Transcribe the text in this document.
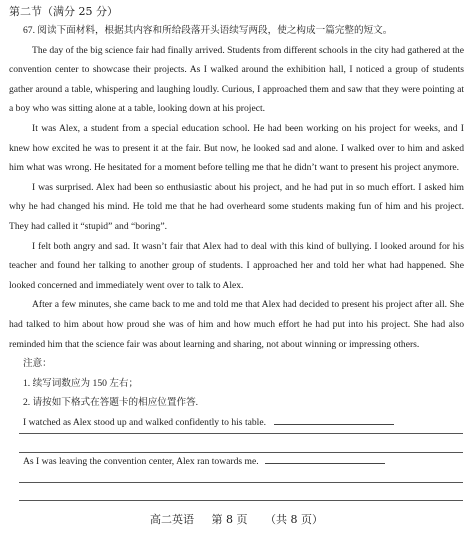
第二节（满分 25 分）

67. 阅读下面材料，根据其内容和所给段落开头语续写两段，使之构成一篇完整的短文。

The day of the big science fair had finally arrived. Students from different schools in the city had gathered at the convention center to showcase their projects. As I walked around the exhibition hall, I noticed a group of students gather around a table, whispering and laughing loudly. Curious, I approached them and saw that they were pointing at a boy who was sitting alone at a table, looking down at his project.

It was Alex, a student from a special education school. He had been working on his project for weeks, and I knew how excited he was to present it at the fair. But now, he looked sad and alone. I walked over to him and asked him what was wrong. He hesitated for a moment before telling me that he didn’t want to present his project anymore.

I was surprised. Alex had been so enthusiastic about his project, and he had put in so much effort. I asked him why he had changed his mind. He told me that he had overheard some students making fun of him and his project. They had called it “stupid” and “boring”.

I felt both angry and sad. It wasn’t fair that Alex had to deal with this kind of bullying. I looked around for his teacher and found her talking to another group of students. I approached her and told her what had happened. She looked concerned and immediately went over to talk to Alex.

After a few minutes, she came back to me and told me that Alex had decided to present his project after all. She had talked to him about how proud she was of him and how much effort he had put into his project. She had also reminded him that the science fair was about learning and sharing, not about winning or impressing others.

注意：

1. 续写词数应为 150 左右；

2. 请按如下格式在答题卡的相应位置作答.

I watched as Alex stood up and walked confidently to his table.

As I was leaving the convention center, Alex ran towards me.

高二英语 第 8 页 （共 8 页）
